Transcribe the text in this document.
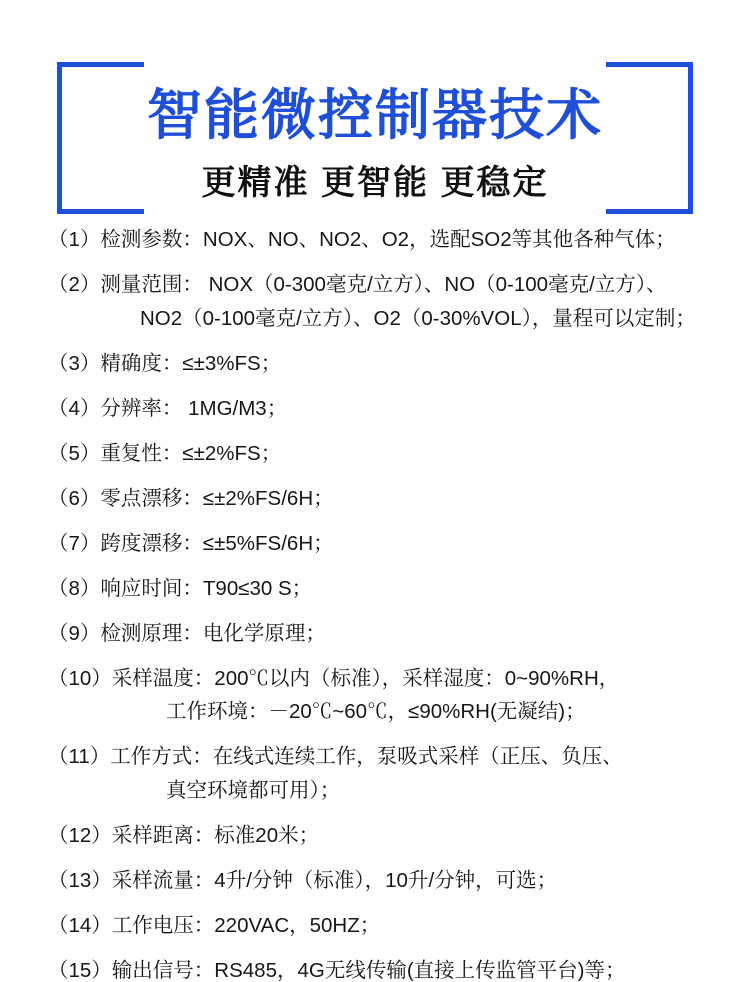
智能微控制器技术
更精准 更智能 更稳定
（1）检测参数：NOX、NO、NO2、O2，选配SO2等其他各种气体；
（2）测量范围： NOX（0-300毫克/立方）、NO（0-100毫克/立方）、
NO2（0-100毫克/立方）、O2（0-30%VOL），量程可以定制；
（3）精确度：≤±3%FS；
（4）分辨率： 1MG/M3；
（5）重复性：≤±2%FS；
（6）零点漂移：≤±2%FS/6H；
（7）跨度漂移：≤±5%FS/6H；
（8）响应时间：T90≤30 S；
（9）检测原理：电化学原理；
（10）采样温度：200℃以内（标准），采样湿度：0~90%RH，
工作环境：－20℃~60℃，≤90%RH(无凝结)；
（11）工作方式：在线式连续工作，泵吸式采样（正压、负压、
真空环境都可用）；
（12）采样距离：标准20米；
（13）采样流量：4升/分钟（标准），10升/分钟，可选；
（14）工作电压：220VAC，50HZ；
（15）输出信号：RS485，4G无线传输(直接上传监管平台)等；
